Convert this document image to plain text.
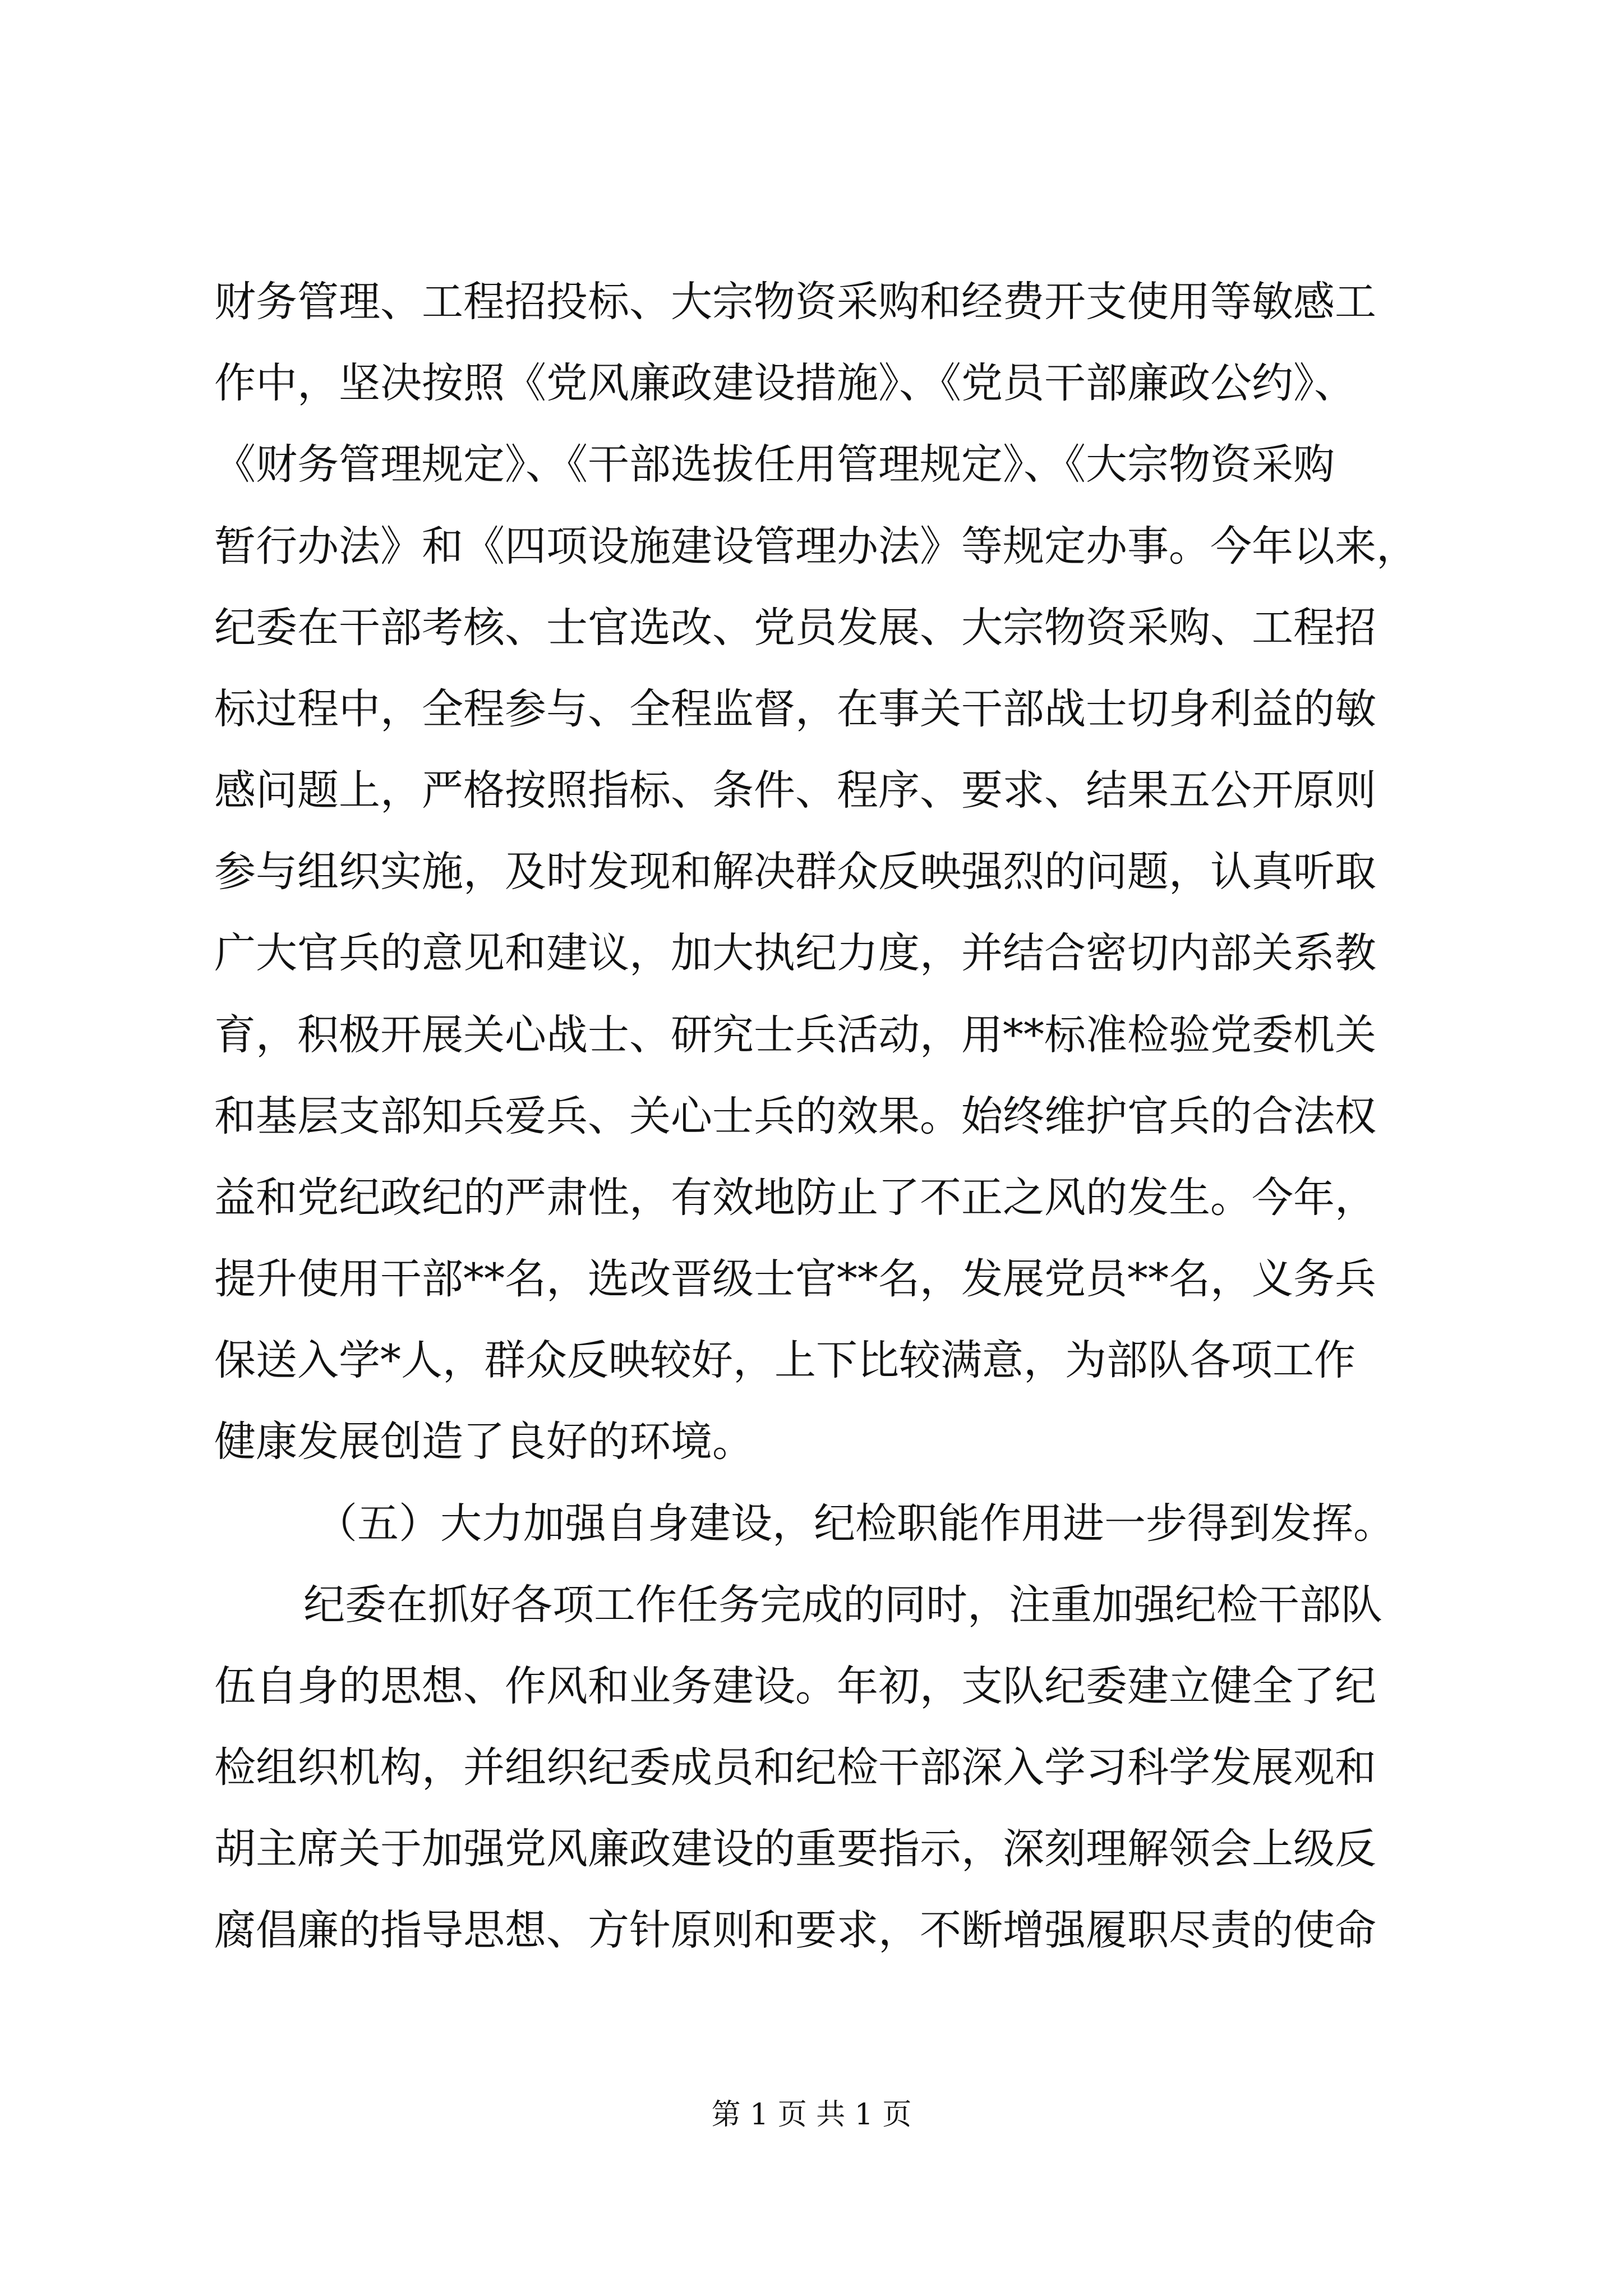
财务管理、工程招投标、大宗物资采购和经费开支使用等敏感工

作中，坚决按照《党风廉政建设措施》、《党员干部廉政公约》、

《财务管理规定》、《干部选拔任用管理规定》、《大宗物资采购

暂行办法》和《四项设施建设管理办法》等规定办事。今年以来，

纪委在干部考核、士官选改、党员发展、大宗物资采购、工程招

标过程中，全程参与、全程监督，在事关干部战士切身利益的敏

感问题上，严格按照指标、条件、程序、要求、结果五公开原则

参与组织实施，及时发现和解决群众反映强烈的问题，认真听取

广大官兵的意见和建议，加大执纪力度，并结合密切内部关系教

育，积极开展关心战士、研究士兵活动，用**标准检验党委机关

和基层支部知兵爱兵、关心士兵的效果。始终维护官兵的合法权

益和党纪政纪的严肃性，有效地防止了不正之风的发生。今年，

提升使用干部**名，选改晋级士官**名，发展党员**名，义务兵

保送入学*人，群众反映较好，上下比较满意，为部队各项工作

健康发展创造了良好的环境。

（五）大力加强自身建设，纪检职能作用进一步得到发挥。

纪委在抓好各项工作任务完成的同时，注重加强纪检干部队

伍自身的思想、作风和业务建设。年初，支队纪委建立健全了纪

检组织机构，并组织纪委成员和纪检干部深入学习科学发展观和

胡主席关于加强党风廉政建设的重要指示，深刻理解领会上级反

腐倡廉的指导思想、方针原则和要求，不断增强履职尽责的使命

第 1 页 共 1 页
